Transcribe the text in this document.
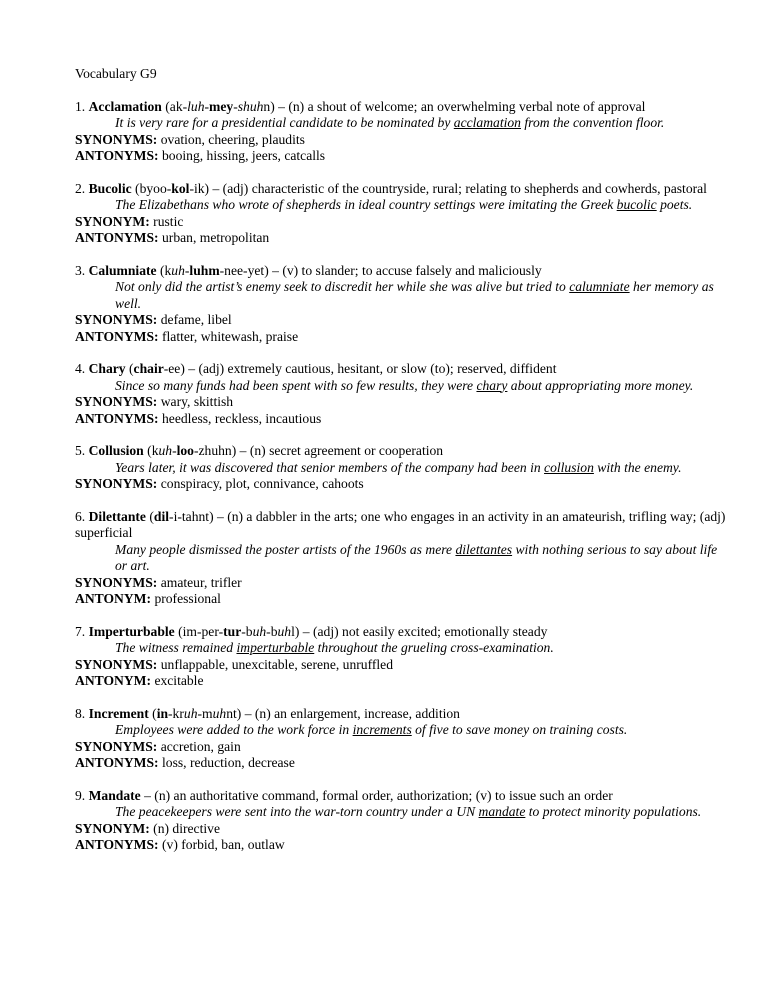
Vocabulary G9

1. Acclamation (ak-luh-mey-shuhn) – (n) a shout of welcome; an overwhelming verbal note of approval

It is very rare for a presidential candidate to be nominated by acclamation from the convention floor.

SYNONYMS: ovation, cheering, plaudits

ANTONYMS: booing, hissing, jeers, catcalls

2. Bucolic (byoo-kol-ik) – (adj) characteristic of the countryside, rural; relating to shepherds and cowherds, pastoral

The Elizabethans who wrote of shepherds in ideal country settings were imitating the Greek bucolic poets.

SYNONYM: rustic

ANTONYMS: urban, metropolitan

3. Calumniate (kuh-luhm-nee-yet) – (v) to slander; to accuse falsely and maliciously

Not only did the artist’s enemy seek to discredit her while she was alive but tried to calumniate her memory as well.

SYNONYMS: defame, libel

ANTONYMS: flatter, whitewash, praise

4. Chary (chair-ee) – (adj) extremely cautious, hesitant, or slow (to); reserved, diffident

Since so many funds had been spent with so few results, they were chary about appropriating more money.

SYNONYMS: wary, skittish

ANTONYMS: heedless, reckless, incautious

5. Collusion (kuh-loo-zhuhn) – (n) secret agreement or cooperation

Years later, it was discovered that senior members of the company had been in collusion with the enemy.

SYNONYMS: conspiracy, plot, connivance, cahoots

6. Dilettante (dil-i-tahnt) – (n) a dabbler in the arts; one who engages in an activity in an amateurish, trifling way; (adj) superficial

Many people dismissed the poster artists of the 1960s as mere dilettantes with nothing serious to say about life or art.

SYNONYMS: amateur, trifler

ANTONYM: professional

7. Imperturbable (im-per-tur-buh-buhl) – (adj) not easily excited; emotionally steady

The witness remained imperturbable throughout the grueling cross-examination.

SYNONYMS: unflappable, unexcitable, serene, unruffled

ANTONYM: excitable

8. Increment (in-kruh-muhnt) – (n) an enlargement, increase, addition

Employees were added to the work force in increments of five to save money on training costs.

SYNONYMS: accretion, gain

ANTONYMS: loss, reduction, decrease

9. Mandate – (n) an authoritative command, formal order, authorization; (v) to issue such an order

The peacekeepers were sent into the war-torn country under a UN mandate to protect minority populations.

SYNONYM: (n) directive

ANTONYMS: (v) forbid, ban, outlaw
